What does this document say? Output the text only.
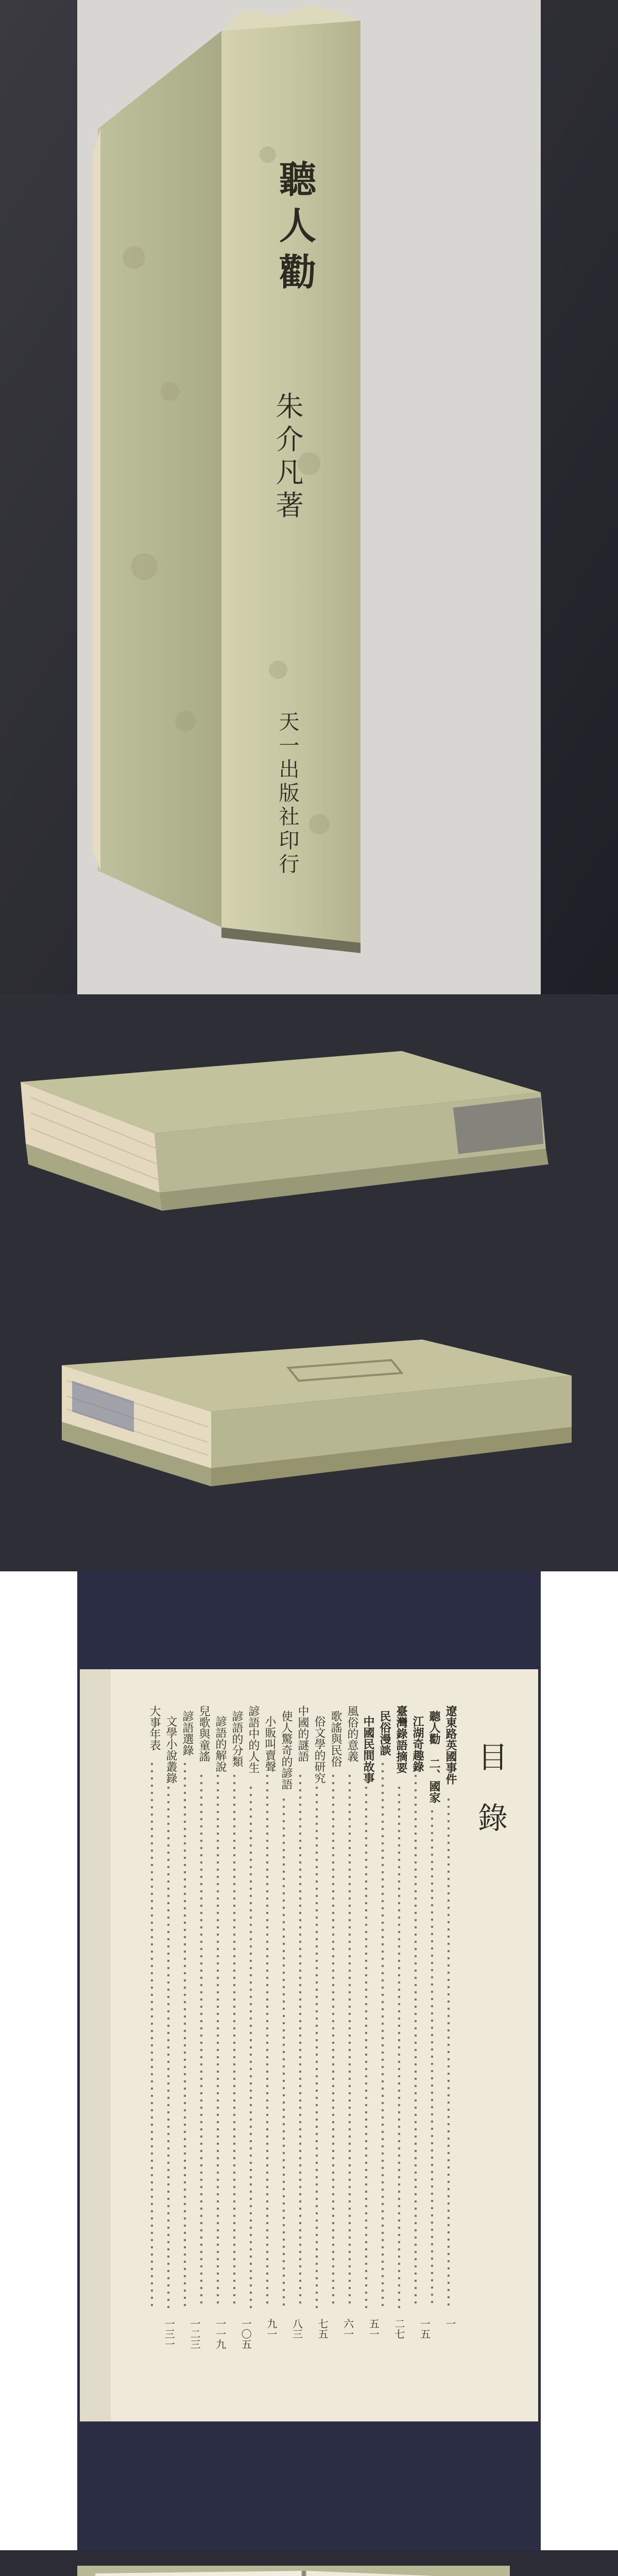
聽人勸
朱介凡著
天一出版社印行
目錄
遼東路英國事件
聽人勸 二、國家
江湖奇趣錄
臺灣錄語摘要
民俗漫談
中國民間故事
風俗的意義
歌謠與民俗
俗文學的研究
中國的謎語
使人驚奇的諺語
小販叫賣聲
諺語中的人生
諺語的分類
諺語的解說
兒歌與童謠
諺語選錄
文學小說叢錄
大事年表
一
一五
二七
五一
六一
七五
八三
九一
一〇五
一一九
一二三
一三一
